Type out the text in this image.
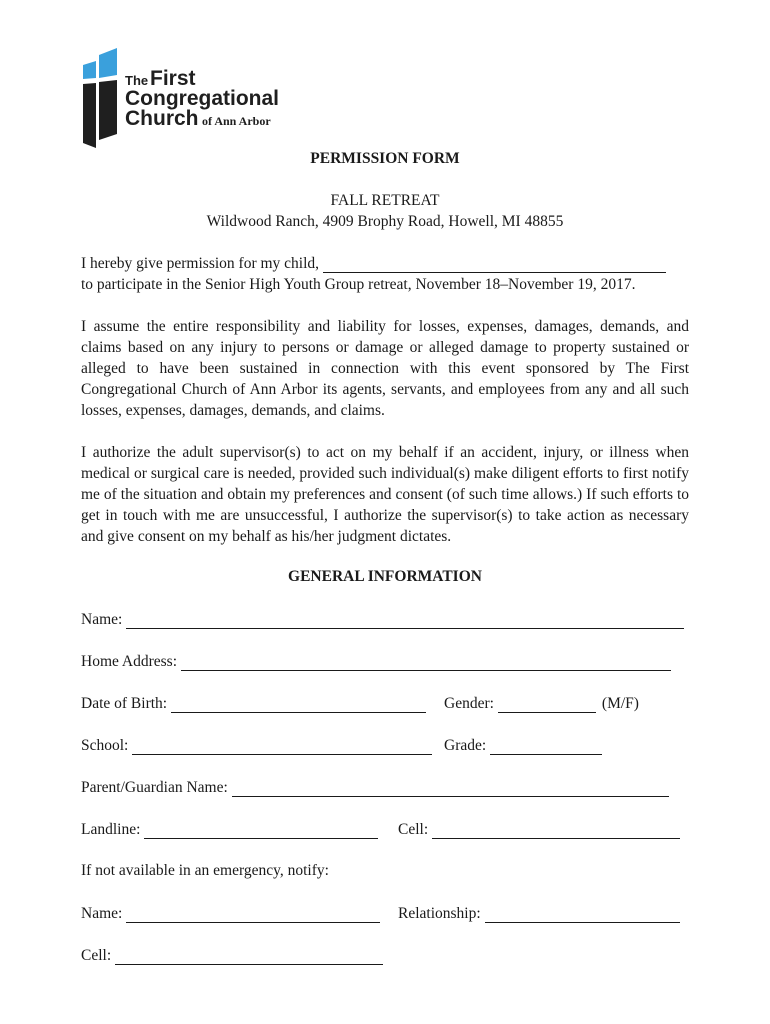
The First
Congregational
Church of Ann Arbor
PERMISSION FORM
FALL RETREAT
Wildwood Ranch, 4909 Brophy Road, Howell, MI 48855
I hereby give permission for my child,
to participate in the Senior High Youth Group retreat, November 18–November 19, 2017.
I assume the entire responsibility and liability for losses, expenses, damages, demands, and claims based on any injury to persons or damage or alleged damage to property sustained or alleged to have been sustained in connection with this event sponsored by The First Congregational Church of Ann Arbor its agents, servants, and employees from any and all such losses, expenses, damages, demands, and claims.
I authorize the adult supervisor(s) to act on my behalf if an accident, injury, or illness when medical or surgical care is needed, provided such individual(s) make diligent efforts to first notify me of the situation and obtain my preferences and consent (of such time allows.) If such efforts to get in touch with me are unsuccessful, I authorize the supervisor(s) to take action as necessary and give consent on my behalf as his/her judgment dictates.
GENERAL INFORMATION
Name:
Home Address:
Date of Birth:	Gender:	(M/F)
School:	Grade:
Parent/Guardian Name:
Landline:	Cell:
If not available in an emergency, notify:
Name:	Relationship:
Cell:
